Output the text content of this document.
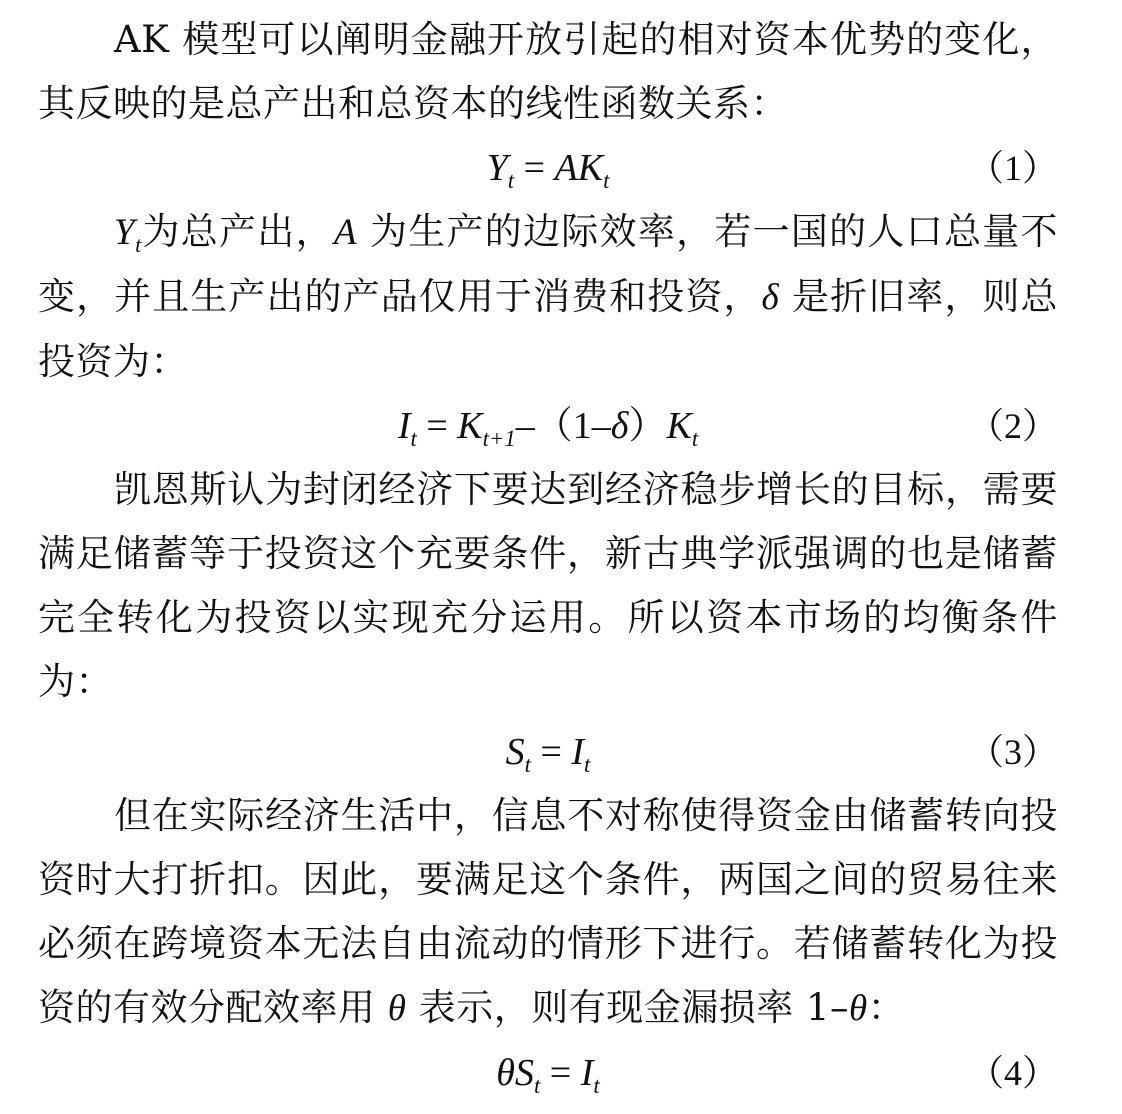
AK 模型可以阐明金融开放引起的相对资本优势的变化，其反映的是总产出和总资本的线性函数关系：

$Y_t = AK_t$	（1）

$Y_t$为总产出，A 为生产的边际效率，若一国的人口总量不变，并且生产出的产品仅用于消费和投资，δ 是折旧率，则总投资为：

$I_t = K_{t+1}-(1-\delta)K_t$	（2）

凯恩斯认为封闭经济下要达到经济稳步增长的目标，需要满足储蓄等于投资这个充要条件，新古典学派强调的也是储蓄完全转化为投资以实现充分运用。所以资本市场的均衡条件为：

$S_t = I_t$	（3）

但在实际经济生活中，信息不对称使得资金由储蓄转向投资时大打折扣。因此，要满足这个条件，两国之间的贸易往来必须在跨境资本无法自由流动的情形下进行。若储蓄转化为投资的有效分配效率用 θ 表示，则有现金漏损率 1–θ：

$\theta S_t = I_t$	（4）
